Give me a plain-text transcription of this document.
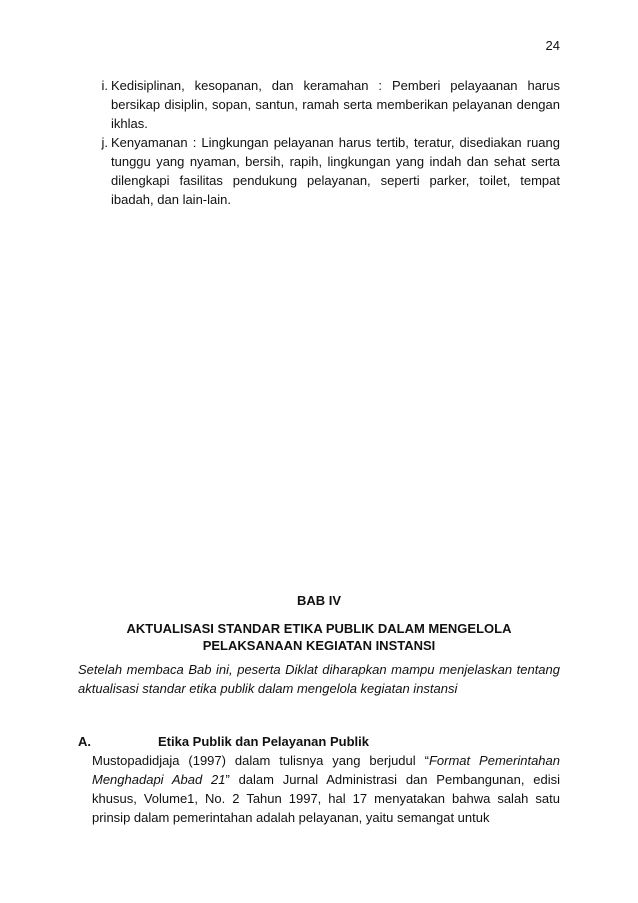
24
i. Kedisiplinan, kesopanan, dan keramahan : Pemberi pelayaanan harus bersikap disiplin, sopan, santun, ramah serta memberikan pelayanan dengan ikhlas.
j. Kenyamanan : Lingkungan pelayanan harus tertib, teratur, disediakan ruang tunggu yang nyaman, bersih, rapih, lingkungan yang indah dan sehat serta dilengkapi fasilitas pendukung pelayanan, seperti parker, toilet, tempat ibadah, dan lain-lain.
BAB IV
AKTUALISASI STANDAR ETIKA PUBLIK DALAM MENGELOLA
PELAKSANAAN KEGIATAN INSTANSI
Setelah membaca Bab ini, peserta Diklat diharapkan mampu menjelaskan tentang aktualisasi standar etika publik dalam mengelola kegiatan instansi
A.	Etika Publik dan Pelayanan Publik
Mustopadidjaja (1997) dalam tulisnya yang berjudul “Format Pemerintahan Menghadapi Abad 21” dalam Jurnal Administrasi dan Pembangunan, edisi khusus, Volume1, No. 2 Tahun 1997, hal 17 menyatakan bahwa salah satu prinsip dalam pemerintahan adalah pelayanan, yaitu semangat untuk
